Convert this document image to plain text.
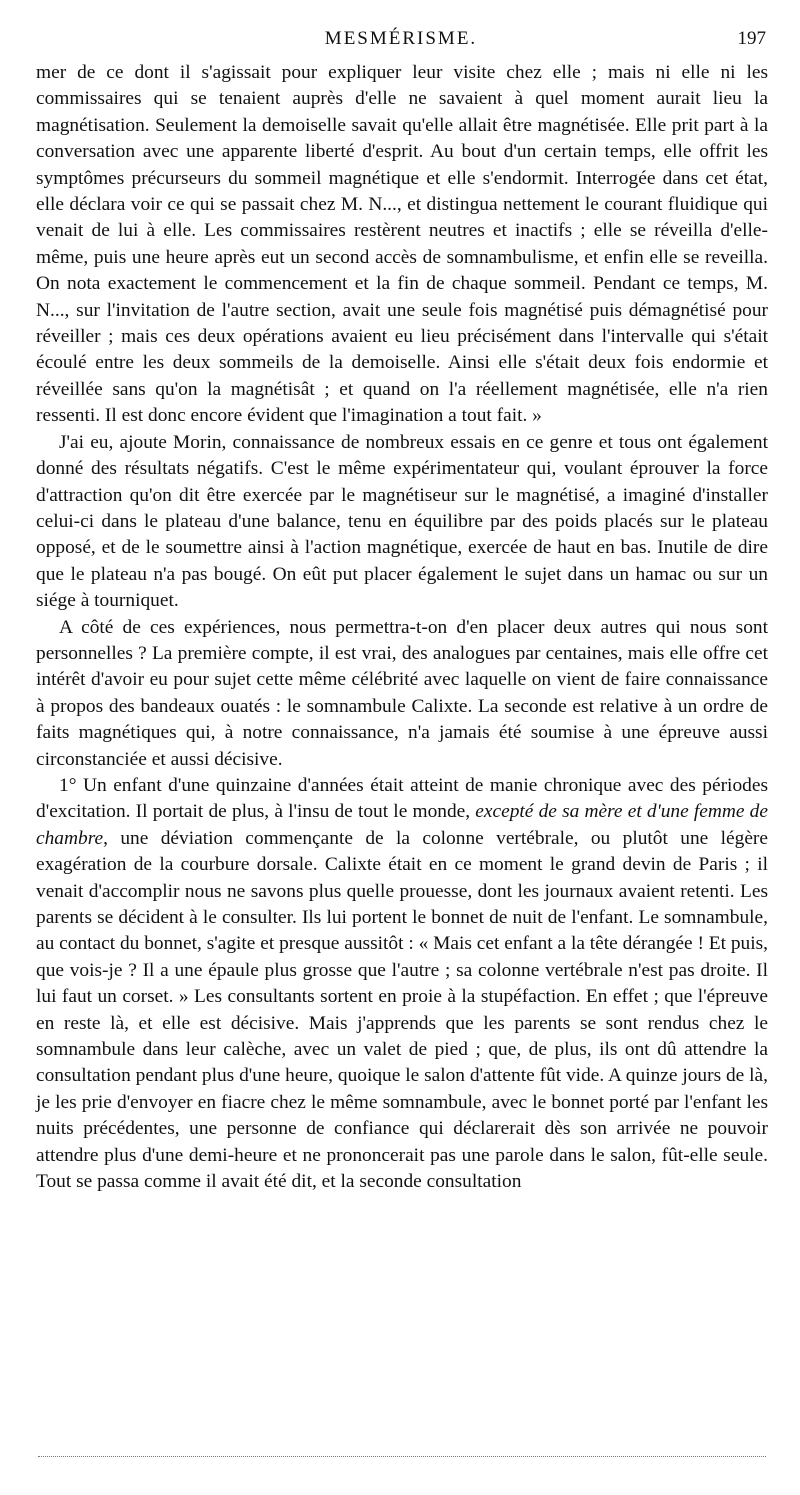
MESMÉRISME.	197

mer de ce dont il s'agissait pour expliquer leur visite chez elle ; mais ni elle ni les commissaires qui se tenaient auprès d'elle ne savaient à quel moment aurait lieu la magnétisation. Seulement la demoiselle savait qu'elle allait être magnétisée. Elle prit part à la conversation avec une apparente liberté d'esprit. Au bout d'un certain temps, elle offrit les symptômes précurseurs du sommeil magnétique et elle s'endormit. Interrogée dans cet état, elle déclara voir ce qui se passait chez M. N..., et distingua nettement le courant fluidique qui venait de lui à elle. Les commissaires restèrent neutres et inactifs ; elle se réveilla d'elle-même, puis une heure après eut un second accès de somnambulisme, et enfin elle se reveilla. On nota exactement le commencement et la fin de chaque sommeil. Pendant ce temps, M. N..., sur l'invitation de l'autre section, avait une seule fois magnétisé puis démagnétisé pour réveiller ; mais ces deux opérations avaient eu lieu précisément dans l'intervalle qui s'était écoulé entre les deux sommeils de la demoiselle. Ainsi elle s'était deux fois endormie et réveillée sans qu'on la magnétisât ; et quand on l'a réellement magnétisée, elle n'a rien ressenti. Il est donc encore évident que l'imagination a tout fait. »

J'ai eu, ajoute Morin, connaissance de nombreux essais en ce genre et tous ont également donné des résultats négatifs. C'est le même expérimentateur qui, voulant éprouver la force d'attraction qu'on dit être exercée par le magnétiseur sur le magnétisé, a imaginé d'installer celui-ci dans le plateau d'une balance, tenu en équilibre par des poids placés sur le plateau opposé, et de le soumettre ainsi à l'action magnétique, exercée de haut en bas. Inutile de dire que le plateau n'a pas bougé. On eût put placer également le sujet dans un hamac ou sur un siége à tourniquet.

A côté de ces expériences, nous permettra-t-on d'en placer deux autres qui nous sont personnelles ? La première compte, il est vrai, des analogues par centaines, mais elle offre cet intérêt d'avoir eu pour sujet cette même célébrité avec laquelle on vient de faire connaissance à propos des bandeaux ouatés : le somnambule Calixte. La seconde est relative à un ordre de faits magnétiques qui, à notre connaissance, n'a jamais été soumise à une épreuve aussi circonstanciée et aussi décisive.

1° Un enfant d'une quinzaine d'années était atteint de manie chronique avec des périodes d'excitation. Il portait de plus, à l'insu de tout le monde, excepté de sa mère et d'une femme de chambre, une déviation commençante de la colonne vertébrale, ou plutôt une légère exagération de la courbure dorsale. Calixte était en ce moment le grand devin de Paris ; il venait d'accomplir nous ne savons plus quelle prouesse, dont les journaux avaient retenti. Les parents se décident à le consulter. Ils lui portent le bonnet de nuit de l'enfant. Le somnambule, au contact du bonnet, s'agite et presque aussitôt : « Mais cet enfant a la tête dérangée ! Et puis, que vois-je ? Il a une épaule plus grosse que l'autre ; sa colonne vertébrale n'est pas droite. Il lui faut un corset. » Les consultants sortent en proie à la stupéfaction. En effet ; que l'épreuve en reste là, et elle est décisive. Mais j'apprends que les parents se sont rendus chez le somnambule dans leur calèche, avec un valet de pied ; que, de plus, ils ont dû attendre la consultation pendant plus d'une heure, quoique le salon d'attente fût vide. A quinze jours de là, je les prie d'envoyer en fiacre chez le même somnambule, avec le bonnet porté par l'enfant les nuits précédentes, une personne de confiance qui déclarerait dès son arrivée ne pouvoir attendre plus d'une demi-heure et ne prononcerait pas une parole dans le salon, fût-elle seule. Tout se passa comme il avait été dit, et la seconde consultation
